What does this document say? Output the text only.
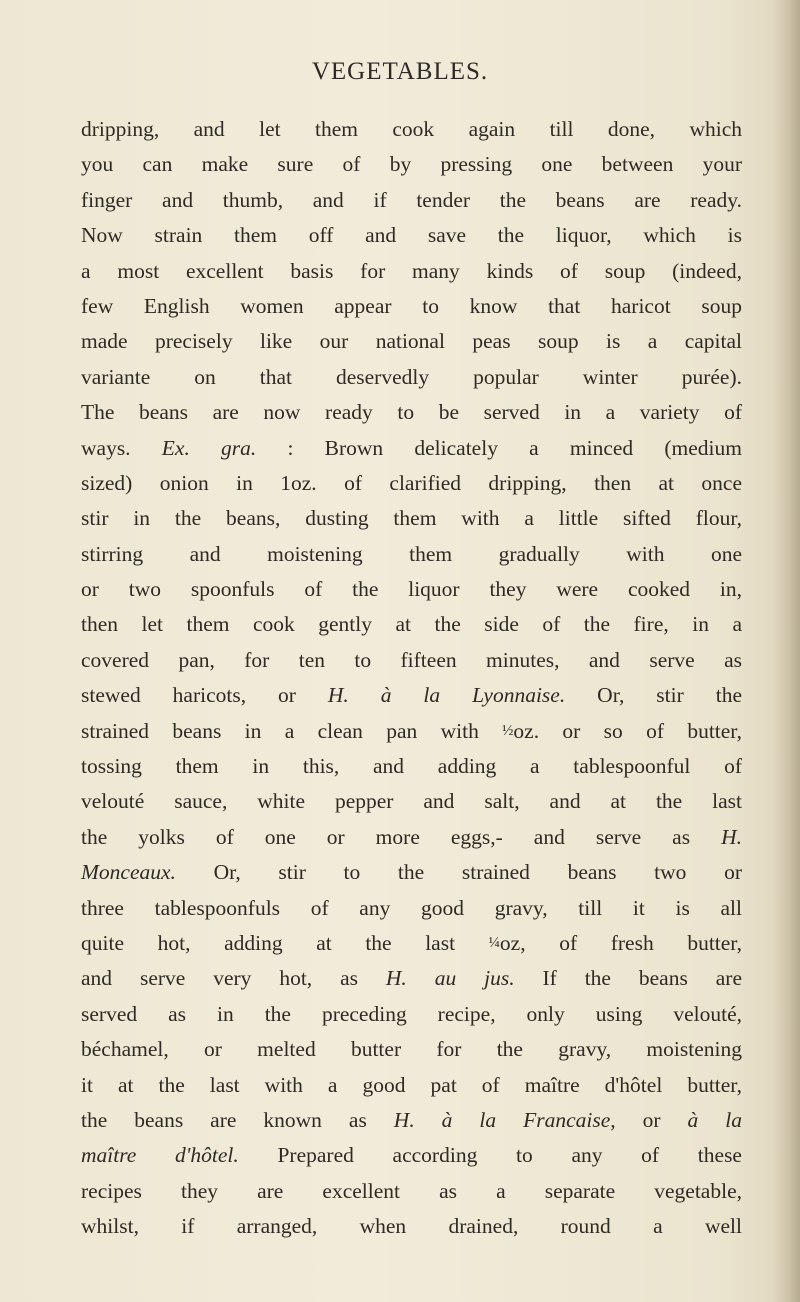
VEGETABLES.
dripping, and let them cook again till done, which
you can make sure of by pressing one between your
finger and thumb, and if tender the beans are ready.
Now strain them off and save the liquor, which is
a most excellent basis for many kinds of soup (indeed,
few English women appear to know that haricot soup
made precisely like our national peas soup is a capital
variante on that deservedly popular winter purée).
The beans are now ready to be served in a variety of
ways. Ex. gra. : Brown delicately a minced (medium
sized) onion in 1oz. of clarified dripping, then at once
stir in the beans, dusting them with a little sifted flour,
stirring and moistening them gradually with one
or two spoonfuls of the liquor they were cooked in,
then let them cook gently at the side of the fire, in a
covered pan, for ten to fifteen minutes, and serve as
stewed haricots, or H. à la Lyonnaise. Or, stir the
strained beans in a clean pan with ½oz. or so of butter,
tossing them in this, and adding a tablespoonful of
velouté sauce, white pepper and salt, and at the last
the yolks of one or more eggs,- and serve as H.
Monceaux. Or, stir to the strained beans two or
three tablespoonfuls of any good gravy, till it is all
quite hot, adding at the last ¼oz, of fresh butter,
and serve very hot, as H. au jus. If the beans are
served as in the preceding recipe, only using velouté,
béchamel, or melted butter for the gravy, moistening
it at the last with a good pat of maître d'hôtel butter,
the beans are known as H. à la Francaise, or à la
maître d'hôtel. Prepared according to any of these
recipes they are excellent as a separate vegetable,
whilst, if arranged, when drained, round a well
